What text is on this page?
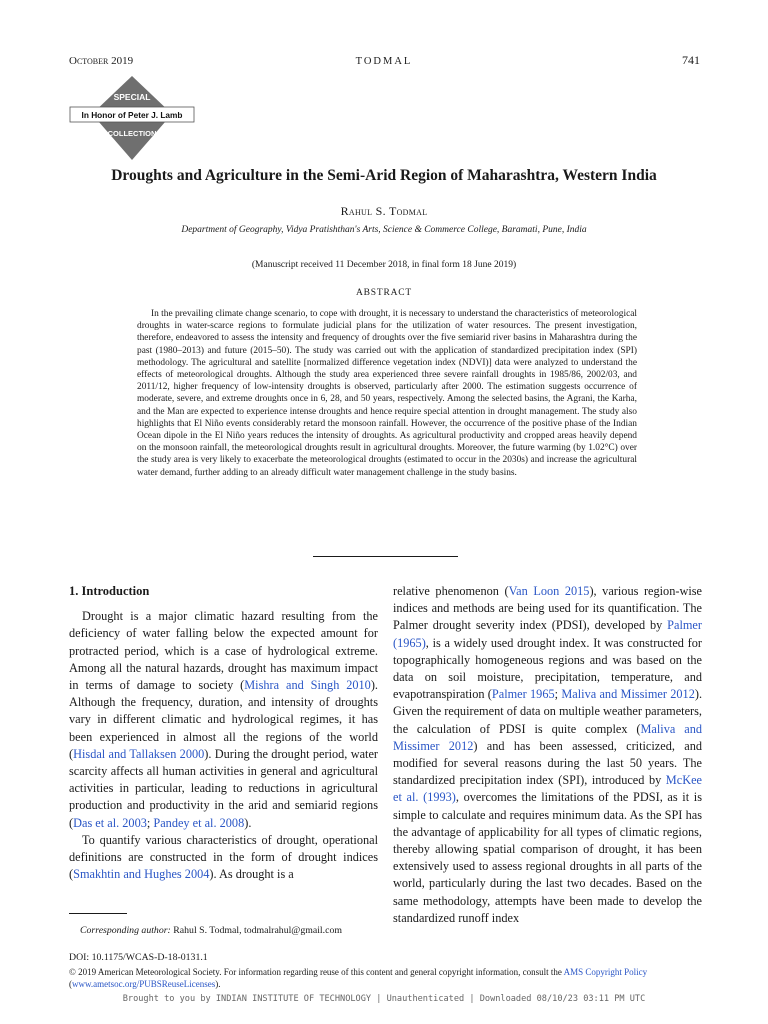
October 2019	TODMAL	741
SPECIAL
In Honor of Peter J. Lamb
COLLECTION
Droughts and Agriculture in the Semi-Arid Region of Maharashtra, Western India
Rahul S. Todmal
Department of Geography, Vidya Pratishthan's Arts, Science & Commerce College, Baramati, Pune, India
(Manuscript received 11 December 2018, in final form 18 June 2019)
ABSTRACT

In the prevailing climate change scenario, to cope with drought, it is necessary to understand the characteristics of meteorological droughts in water-scarce regions to formulate judicial plans for the utilization of water resources. The present investigation, therefore, endeavored to assess the intensity and frequency of droughts over the five semiarid river basins in Maharashtra during the past (1980–2013) and future (2015–50). The study was carried out with the application of standardized precipitation index (SPI) methodology. The agricultural and satellite [normalized difference vegetation index (NDVI)] data were analyzed to understand the effects of meteorological droughts. Although the study area experienced three severe rainfall droughts in 1985/86, 2002/03, and 2011/12, higher frequency of low-intensity droughts is observed, particularly after 2000. The estimation suggests occurrence of moderate, severe, and extreme droughts once in 6, 28, and 50 years, respectively. Among the selected basins, the Agrani, the Karha, and the Man are expected to experience intense droughts and hence require special attention in drought management. The study also highlights that El Niño events considerably retard the monsoon rainfall. However, the occurrence of the positive phase of the Indian Ocean dipole in the El Niño years reduces the intensity of droughts. As agricultural productivity and cropped areas heavily depend on the monsoon rainfall, the meteorological droughts result in agricultural droughts. Moreover, the future warming (by 1.02°C) over the study area is very likely to exacerbate the meteorological droughts (estimated to occur in the 2030s) and increase the agricultural water demand, further adding to an already difficult water management challenge in the study basins.

1. Introduction

Drought is a major climatic hazard resulting from the deficiency of water falling below the expected amount for protracted period, which is a case of hydrological extreme. Among all the natural hazards, drought has maximum impact in terms of damage to society (Mishra and Singh 2010). Although the frequency, duration, and intensity of droughts vary in different climatic and hydrological regimes, it has been experienced in almost all the regions of the world (Hisdal and Tallaksen 2000). During the drought period, water scarcity affects all human activities in general and agricultural activities in particular, leading to reductions in agricultural production and productivity in the arid and semiarid regions (Das et al. 2003; Pandey et al. 2008).

To quantify various characteristics of drought, operational definitions are constructed in the form of drought indices (Smakhtin and Hughes 2004). As drought is a

relative phenomenon (Van Loon 2015), various region-wise indices and methods are being used for its quantification. The Palmer drought severity index (PDSI), developed by Palmer (1965), is a widely used drought index. It was constructed for topographically homogeneous regions and was based on the data on soil moisture, precipitation, temperature, and evapotranspiration (Palmer 1965; Maliva and Missimer 2012). Given the requirement of data on multiple weather parameters, the calculation of PDSI is quite complex (Maliva and Missimer 2012) and has been assessed, criticized, and modified for several reasons during the last 50 years. The standardized precipitation index (SPI), introduced by McKee et al. (1993), overcomes the limitations of the PDSI, as it is simple to calculate and requires minimum data. As the SPI has the advantage of applicability for all types of climatic regions, thereby allowing spatial comparison of drought, it has been extensively used to assess regional droughts in all parts of the world, particularly during the last two decades. Based on the same methodology, attempts have been made to develop the standardized runoff index

Corresponding author: Rahul S. Todmal, todmalrahul@gmail.com
DOI: 10.1175/WCAS-D-18-0131.1
© 2019 American Meteorological Society. For information regarding reuse of this content and general copyright information, consult the AMS Copyright Policy (www.ametsoc.org/PUBSReuseLicenses).
Brought to you by INDIAN INSTITUTE OF TECHNOLOGY | Unauthenticated | Downloaded 08/10/23 03:11 PM UTC
